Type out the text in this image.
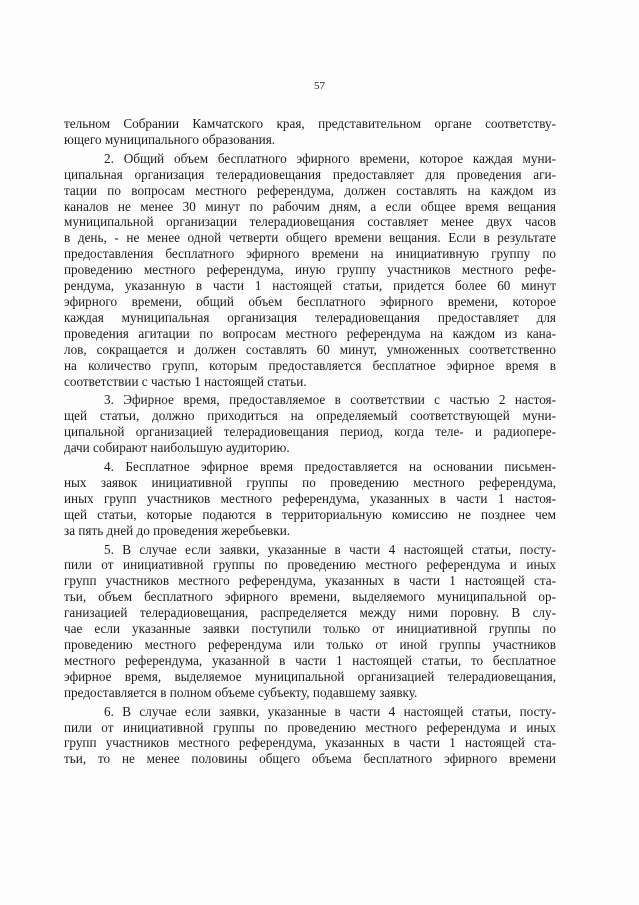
57
тельном Собрании Камчатского края, представительном органе соответству-
ющего муниципального образования.
2. Общий объем бесплатного эфирного времени, которое каждая муни-
ципальная организация телерадиовещания предоставляет для проведения аги-
тации по вопросам местного референдума, должен составлять на каждом из
каналов не менее 30 минут по рабочим дням, а если общее время вещания
муниципальной организации телерадиовещания составляет менее двух часов
в день, - не менее одной четверти общего времени вещания. Если в результате
предоставления бесплатного эфирного времени на инициативную группу по
проведению местного референдума, иную группу участников местного рефе-
рендума, указанную в части 1 настоящей статьи, придется более 60 минут
эфирного времени, общий объем бесплатного эфирного времени, которое
каждая муниципальная организация телерадиовещания предоставляет для
проведения агитации по вопросам местного референдума на каждом из кана-
лов, сокращается и должен составлять 60 минут, умноженных соответственно
на количество групп, которым предоставляется бесплатное эфирное время в
соответствии с частью 1 настоящей статьи.
3. Эфирное время, предоставляемое в соответствии с частью 2 настоя-
щей статьи, должно приходиться на определяемый соответствующей муни-
ципальной организацией телерадиовещания период, когда теле- и радиопере-
дачи собирают наибольшую аудиторию.
4. Бесплатное эфирное время предоставляется на основании письмен-
ных заявок инициативной группы по проведению местного референдума,
иных групп участников местного референдума, указанных в части 1 настоя-
щей статьи, которые подаются в территориальную комиссию не позднее чем
за пять дней до проведения жеребьевки.
5. В случае если заявки, указанные в части 4 настоящей статьи, посту-
пили от инициативной группы по проведению местного референдума и иных
групп участников местного референдума, указанных в части 1 настоящей ста-
тьи, объем бесплатного эфирного времени, выделяемого муниципальной ор-
ганизацией телерадиовещания, распределяется между ними поровну. В слу-
чае если указанные заявки поступили только от инициативной группы по
проведению местного референдума или только от иной группы участников
местного референдума, указанной в части 1 настоящей статьи, то бесплатное
эфирное время, выделяемое муниципальной организацией телерадиовещания,
предоставляется в полном объеме субъекту, подавшему заявку.
6. В случае если заявки, указанные в части 4 настоящей статьи, посту-
пили от инициативной группы по проведению местного референдума и иных
групп участников местного референдума, указанных в части 1 настоящей ста-
тьи, то не менее половины общего объема бесплатного эфирного времени
